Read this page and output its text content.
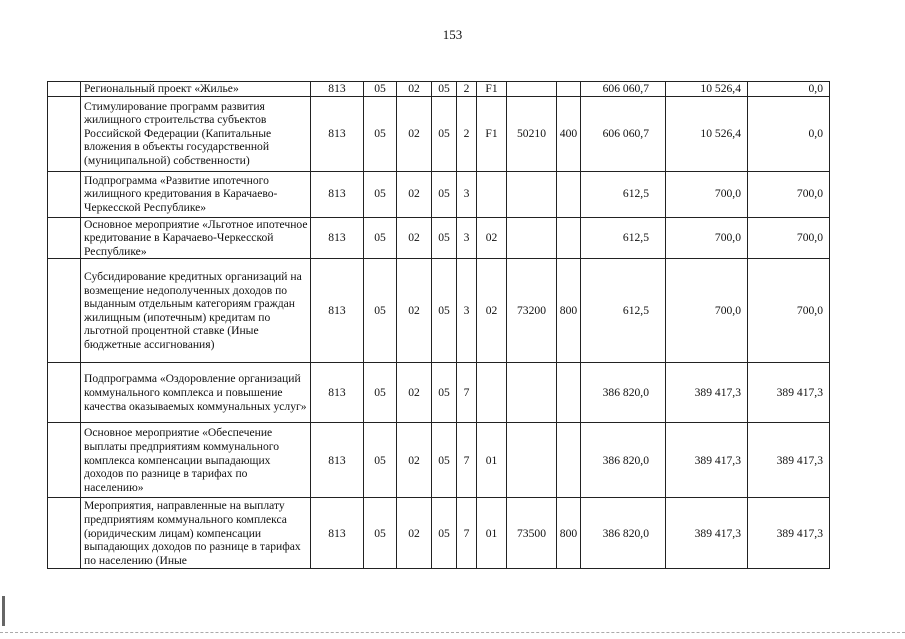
153
	Региональный проект «Жилье»	813	05	02	05	2	F1			606 060,7	10 526,4	0,0
	Стимулирование программ развития жилищного строительства субъектов Российской Федерации (Капитальные вложения в объекты государственной (муниципальной) собственности)	813	05	02	05	2	F1	50210	400	606 060,7	10 526,4	0,0
	Подпрограмма «Развитие ипотечного жилищного кредитования в Карачаево-Черкесской Республике»	813	05	02	05	3				612,5	700,0	700,0
	Основное мероприятие «Льготное ипотечное кредитование в Карачаево-Черкесской Республике»	813	05	02	05	3	02			612,5	700,0	700,0
	Субсидирование кредитных организаций на возмещение недополученных доходов по выданным отдельным категориям граждан жилищным (ипотечным) кредитам по льготной процентной ставке (Иные бюджетные ассигнования)	813	05	02	05	3	02	73200	800	612,5	700,0	700,0
	Подпрограмма «Оздоровление организаций коммунального комплекса и повышение качества оказываемых коммунальных услуг»	813	05	02	05	7				386 820,0	389 417,3	389 417,3
	Основное мероприятие «Обеспечение выплаты предприятиям коммунального комплекса компенсации выпадающих доходов по разнице в тарифах по населению»	813	05	02	05	7	01			386 820,0	389 417,3	389 417,3
	Мероприятия, направленные на выплату предприятиям коммунального комплекса (юридическим лицам) компенсации выпадающих доходов по разнице в тарифах по населению (Иные	813	05	02	05	7	01	73500	800	386 820,0	389 417,3	389 417,3
